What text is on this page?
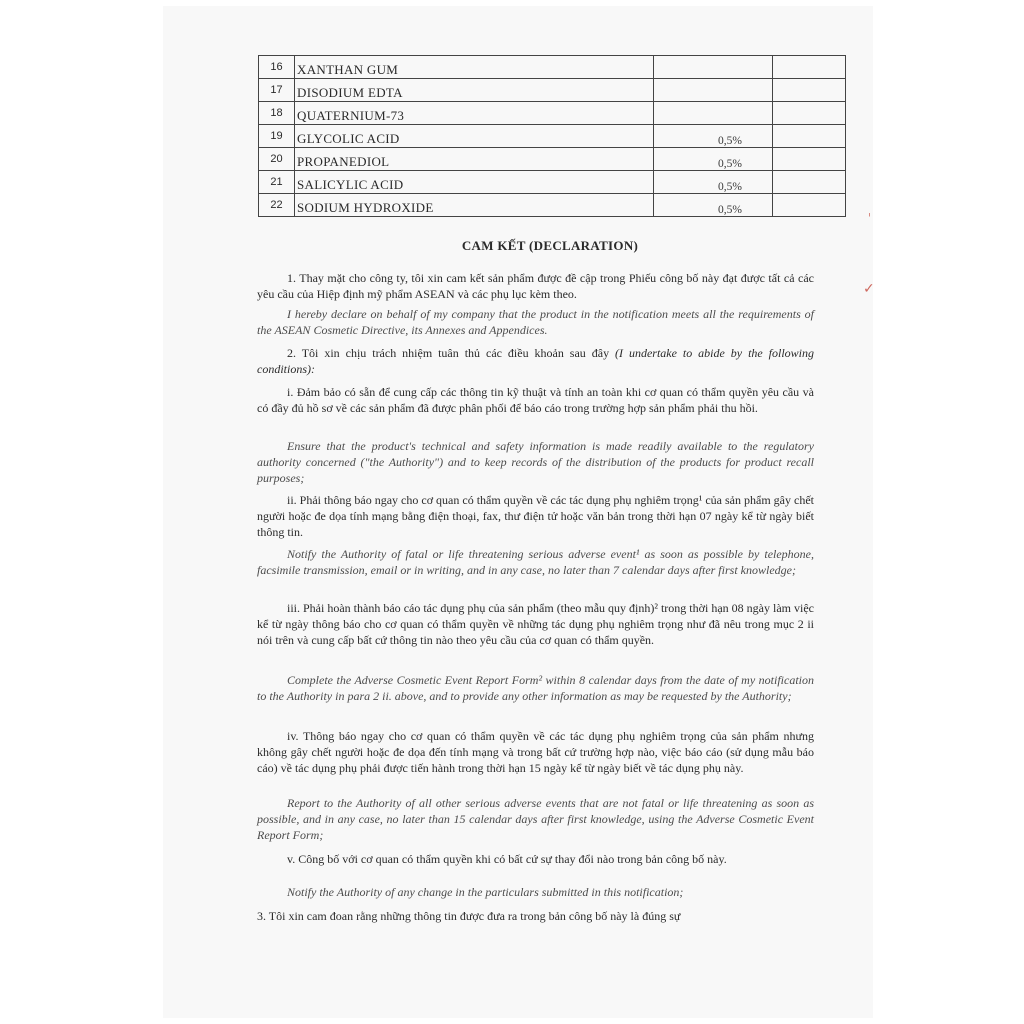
✓
16	XANTHAN GUM		
17	DISODIUM EDTA		
18	QUATERNIUM-73		
19	GLYCOLIC ACID	0,5%	
20	PROPANEDIOL	0,5%	
21	SALICYLIC ACID	0,5%	
22	SODIUM HYDROXIDE	0,5%	
CAM KẾT (DECLARATION)

1. Thay mặt cho công ty, tôi xin cam kết sản phẩm được đề cập trong Phiếu công bố này đạt được tất cả các yêu cầu của Hiệp định mỹ phẩm ASEAN và các phụ lục kèm theo.

I hereby declare on behalf of my company that the product in the notification meets all the requirements of the ASEAN Cosmetic Directive, its Annexes and Appendices.

2. Tôi xin chịu trách nhiệm tuân thủ các điều khoản sau đây (I undertake to abide by the following conditions):

i. Đảm bảo có sẵn để cung cấp các thông tin kỹ thuật và tính an toàn khi cơ quan có thẩm quyền yêu cầu và có đầy đủ hồ sơ về các sản phẩm đã được phân phối để báo cáo trong trường hợp sản phẩm phải thu hồi.

Ensure that the product's technical and safety information is made readily available to the regulatory authority concerned ("the Authority") and to keep records of the distribution of the products for product recall purposes;

ii. Phải thông báo ngay cho cơ quan có thẩm quyền về các tác dụng phụ nghiêm trọng¹ của sản phẩm gây chết người hoặc đe dọa tính mạng bằng điện thoại, fax, thư điện tử hoặc văn bản trong thời hạn 07 ngày kể từ ngày biết thông tin.

Notify the Authority of fatal or life threatening serious adverse event¹ as soon as possible by telephone, facsimile transmission, email or in writing, and in any case, no later than 7 calendar days after first knowledge;

iii. Phải hoàn thành báo cáo tác dụng phụ của sản phẩm (theo mẫu quy định)² trong thời hạn 08 ngày làm việc kể từ ngày thông báo cho cơ quan có thẩm quyền về những tác dụng phụ nghiêm trọng như đã nêu trong mục 2 ii nói trên và cung cấp bất cứ thông tin nào theo yêu cầu của cơ quan có thẩm quyền.

Complete the Adverse Cosmetic Event Report Form² within 8 calendar days from the date of my notification to the Authority in para 2 ii. above, and to provide any other information as may be requested by the Authority;

iv. Thông báo ngay cho cơ quan có thẩm quyền về các tác dụng phụ nghiêm trọng của sản phẩm nhưng không gây chết người hoặc đe dọa đến tính mạng và trong bất cứ trường hợp nào, việc báo cáo (sử dụng mẫu báo cáo) về tác dụng phụ phải được tiến hành trong thời hạn 15 ngày kể từ ngày biết về tác dụng phụ này.

Report to the Authority of all other serious adverse events that are not fatal or life threatening as soon as possible, and in any case, no later than 15 calendar days after first knowledge, using the Adverse Cosmetic Event Report Form;

v. Công bố với cơ quan có thẩm quyền khi có bất cứ sự thay đổi nào trong bản công bố này.

Notify the Authority of any change in the particulars submitted in this notification;

3. Tôi xin cam đoan rằng những thông tin được đưa ra trong bản công bố này là đúng sự
